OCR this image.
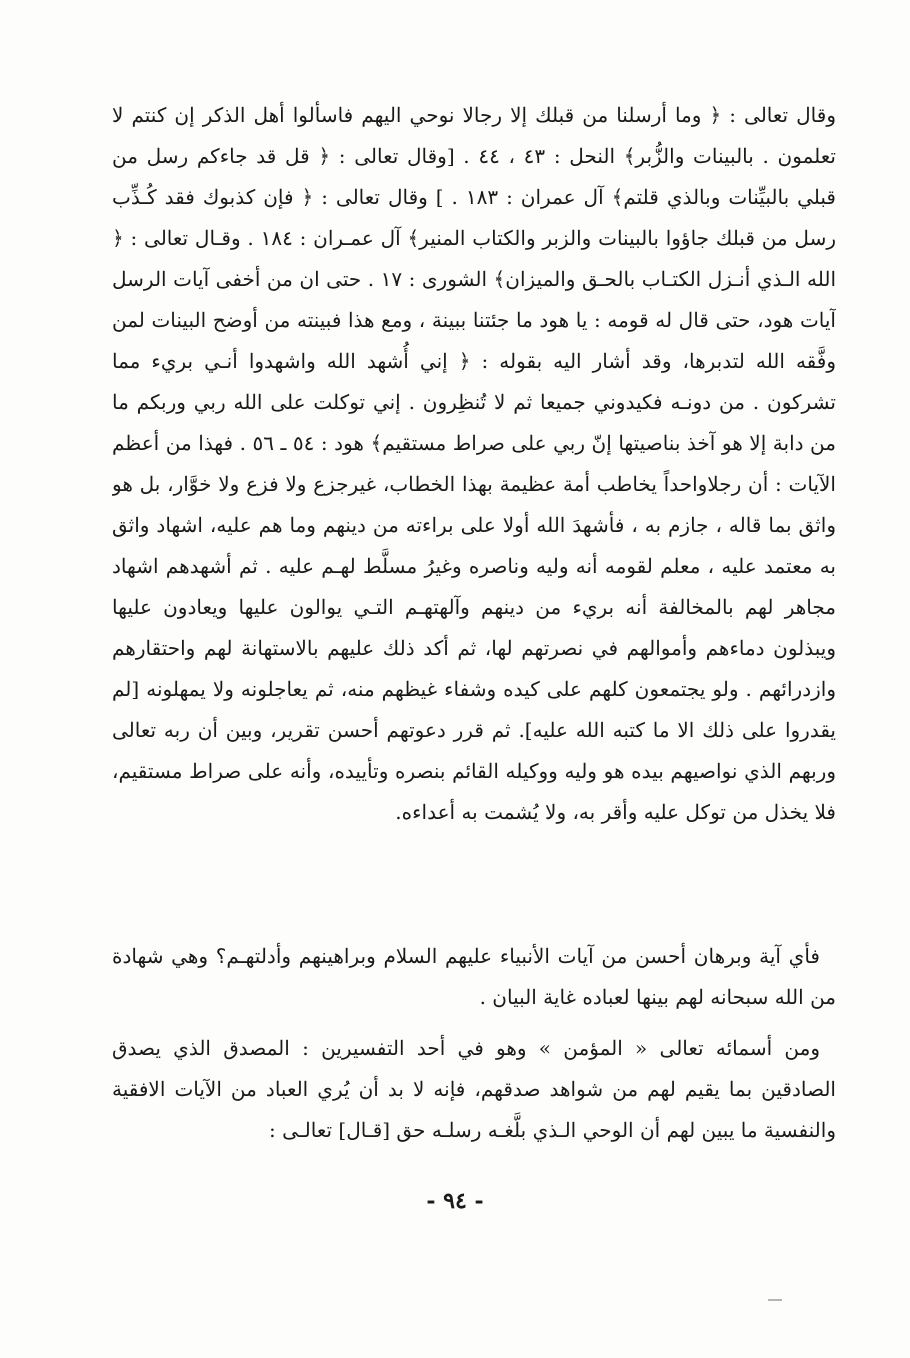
وقال تعالى : ﴿ وما أرسلنا من قبلك إلا رجالا نوحي اليهم فاسألوا أهل الذكر إن كنتم لا تعلمون . بالبينات والزُّبر﴾ النحل : ٤٣ ، ٤٤ . [وقال تعالى : ﴿ قل قد جاءكم رسل من قبلي بالبيِّنات وبالذي قلتم﴾ آل عمران : ١٨٣ . ] وقال تعالى : ﴿ فإن كذبوك فقد كُـذِّب رسل من قبلك جاؤوا بالبينات والزبر والكتاب المنير﴾ آل عمـران : ١٨٤ . وقـال تعالى : ﴿ الله الـذي أنـزل الكتـاب بالحـق والميزان﴾ الشورى : ١٧ . حتى ان من أخفى آيات الرسل آيات هود، حتى قال له قومه : يا هود ما جئتنا ببينة ، ومع هذا فبينته من أوضح البينات لمن وفَّقه الله لتدبرها، وقد أشار اليه بقوله : ﴿ إني أُشهد الله واشهدوا أنـي بريء مما تشركون . من دونـه فكيدوني جميعا ثم لا تُنظِرون . إني توكلت على الله ربي وربكم ما من دابة إلا هو آخذ بناصيتها إنّ ربي على صراط مستقيم﴾ هود : ٥٤ ـ ٥٦ . فهذا من أعظم الآيات : أن رجلاواحداً يخاطب أمة عظيمة بهذا الخطاب، غيرجزع ولا فزع ولا خوَّار، بل هو واثق بما قاله ، جازم به ، فأشهدَ الله أولا على براءته من دينهم وما هم عليه، اشهاد واثق به معتمد عليه ، معلم لقومه أنه وليه وناصره وغيرُ مسلَّط لهـم عليه . ثم أشهدهم اشهاد مجاهر لهم بالمخالفة أنه بريء من دينهم وآلهتهـم التـي يوالون عليها ويعادون عليها ويبذلون دماءهم وأموالهم في نصرتهم لها، ثم أكد ذلك عليهم بالاستهانة لهم واحتقارهم وازدرائهم . ولو يجتمعون كلهم على كيده وشفاء غيظهم منه، ثم يعاجلونه ولا يمهلونه [لم يقدروا على ذلك الا ما كتبه الله عليه]. ثم قرر دعوتهم أحسن تقرير، وبين أن ربه تعالى وربهم الذي نواصيهم بيده هو وليه ووكيله القائم بنصره وتأييده، وأنه على صراط مستقيم، فلا يخذل من توكل عليه وأقر به، ولا يُشمت به أعداءه.

فأي آية وبرهان أحسن من آيات الأنبياء عليهم السلام وبراهينهم وأدلتهـم؟ وهي شهادة من الله سبحانه لهم بينها لعباده غاية البيان .

ومن أسمائه تعالى « المؤمن » وهو في أحد التفسيرين : المصدق الذي يصدق الصادقين بما يقيم لهم من شواهد صدقهم، فإنه لا بد أن يُري العباد من الآيات الافقية والنفسية ما يبين لهم أن الوحي الـذي بلَّغـه رسلـه حق [قـال] تعالـى :

- ٩٤ -
